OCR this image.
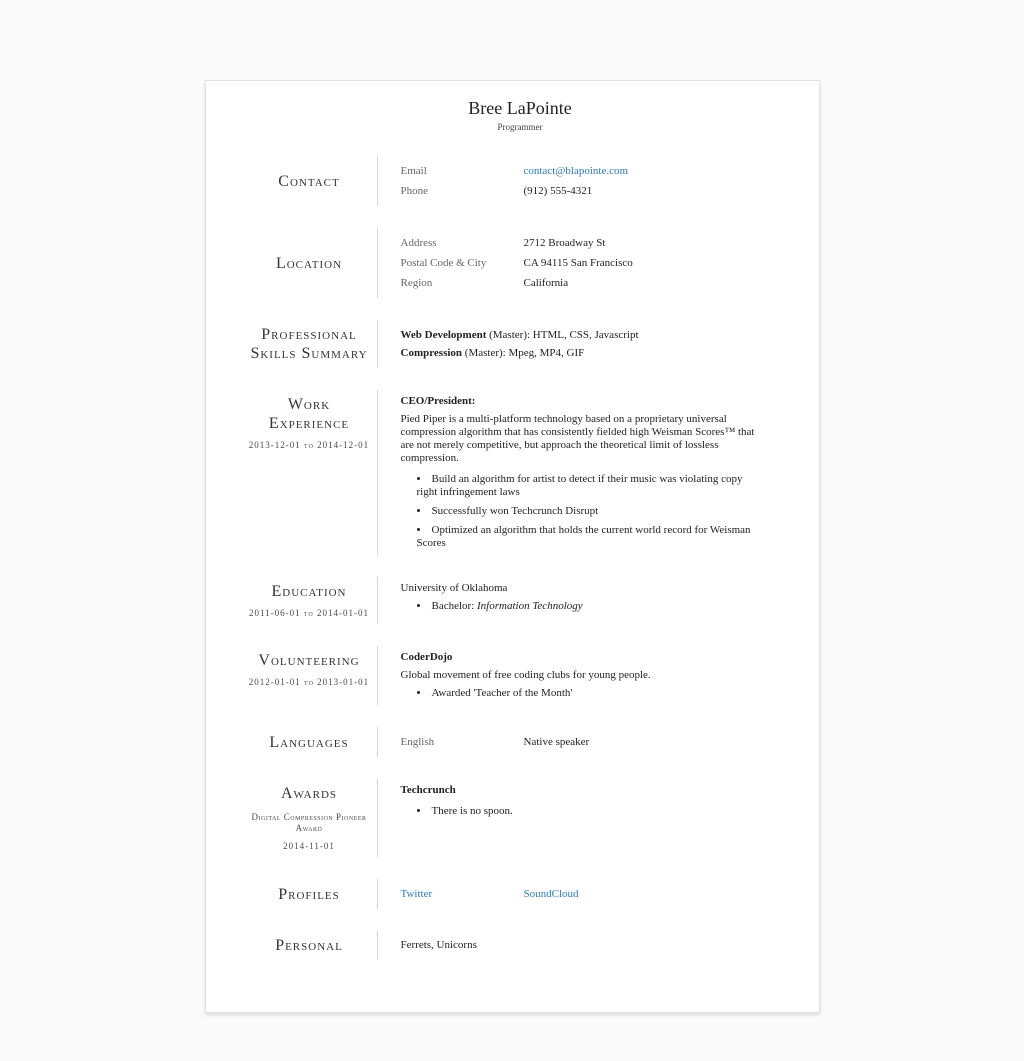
Bree LaPointe
Programmer
Contact
Email	contact@blapointe.com
Phone	(912) 555-4321
Location
Address	2712 Broadway St
Postal Code & City	CA 94115 San Francisco
Region	California
Professional Skills Summary
Web Development (Master): HTML, CSS, Javascript
Compression (Master): Mpeg, MP4, GIF
Work Experience
2013-12-01 to 2014-12-01

CEO/President:

Pied Piper is a multi-platform technology based on a proprietary universal compression algorithm that has consistently fielded high Weisman Scores™ that are not merely competitive, but approach the theoretical limit of lossless compression.

• Build an algorithm for artist to detect if their music was violating copy right infringement laws
• Successfully won Techcrunch Disrupt
• Optimized an algorithm that holds the current world record for Weisman Scores
Education
2011-06-01 to 2014-01-01

University of Oklahoma

• Bachelor: Information Technology
Volunteering
2012-01-01 to 2013-01-01

CoderDojo

Global movement of free coding clubs for young people.

• Awarded 'Teacher of the Month'
Languages	English	Native speaker
Awards
Digital Compression Pioneer Award
2014-11-01

Techcrunch

• There is no spoon.
Profiles	Twitter	SoundCloud
Personal	Ferrets, Unicorns
